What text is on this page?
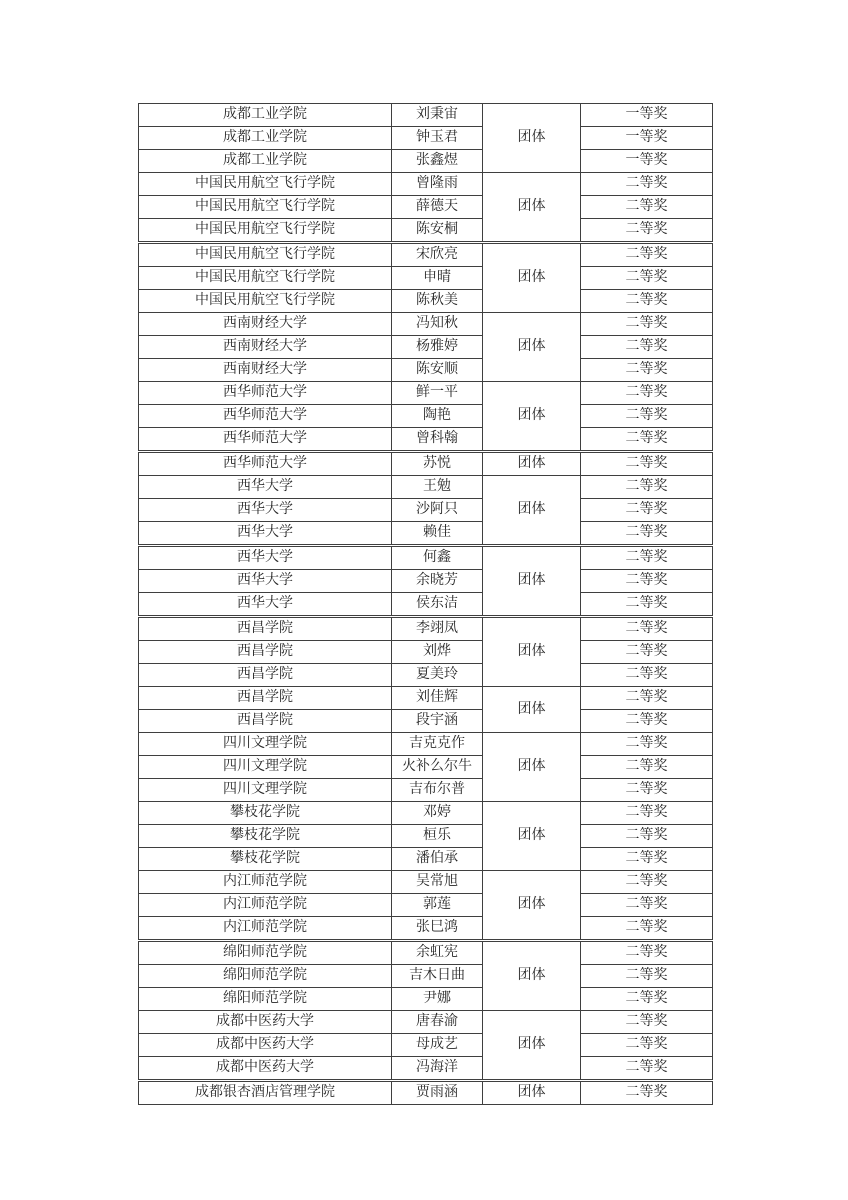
成都工业学院	刘秉宙	团体	一等奖
成都工业学院	钟玉君		一等奖
成都工业学院	张鑫煜		一等奖
中国民用航空飞行学院	曾隆雨	团体	二等奖
中国民用航空飞行学院	薛德天		二等奖
中国民用航空飞行学院	陈安桐		二等奖
中国民用航空飞行学院	宋欣亮	团体	二等奖
中国民用航空飞行学院	申晴		二等奖
中国民用航空飞行学院	陈秋美		二等奖
西南财经大学	冯知秋	团体	二等奖
西南财经大学	杨雅婷		二等奖
西南财经大学	陈安顺		二等奖
西华师范大学	鲜一平	团体	二等奖
西华师范大学	陶艳		二等奖
西华师范大学	曾科翰		二等奖
西华师范大学	苏悦	团体	二等奖
西华大学	王勉	团体	二等奖
西华大学	沙阿只		二等奖
西华大学	赖佳		二等奖
西华大学	何鑫	团体	二等奖
西华大学	余晓芳		二等奖
西华大学	侯东洁		二等奖
西昌学院	李翊凤	团体	二等奖
西昌学院	刘烨		二等奖
西昌学院	夏美玲		二等奖
西昌学院	刘佳辉	团体	二等奖
西昌学院	段宇涵		二等奖
四川文理学院	吉克克作	团体	二等奖
四川文理学院	火补么尔牛		二等奖
四川文理学院	吉布尔普		二等奖
攀枝花学院	邓婷	团体	二等奖
攀枝花学院	桓乐		二等奖
攀枝花学院	潘伯承		二等奖
内江师范学院	吴常旭	团体	二等奖
内江师范学院	郭莲		二等奖
内江师范学院	张巳鸿		二等奖
绵阳师范学院	余虹宪	团体	二等奖
绵阳师范学院	吉木日曲		二等奖
绵阳师范学院	尹娜		二等奖
成都中医药大学	唐春渝	团体	二等奖
成都中医药大学	母成艺		二等奖
成都中医药大学	冯海洋		二等奖
成都银杏酒店管理学院	贾雨涵	团体	二等奖
